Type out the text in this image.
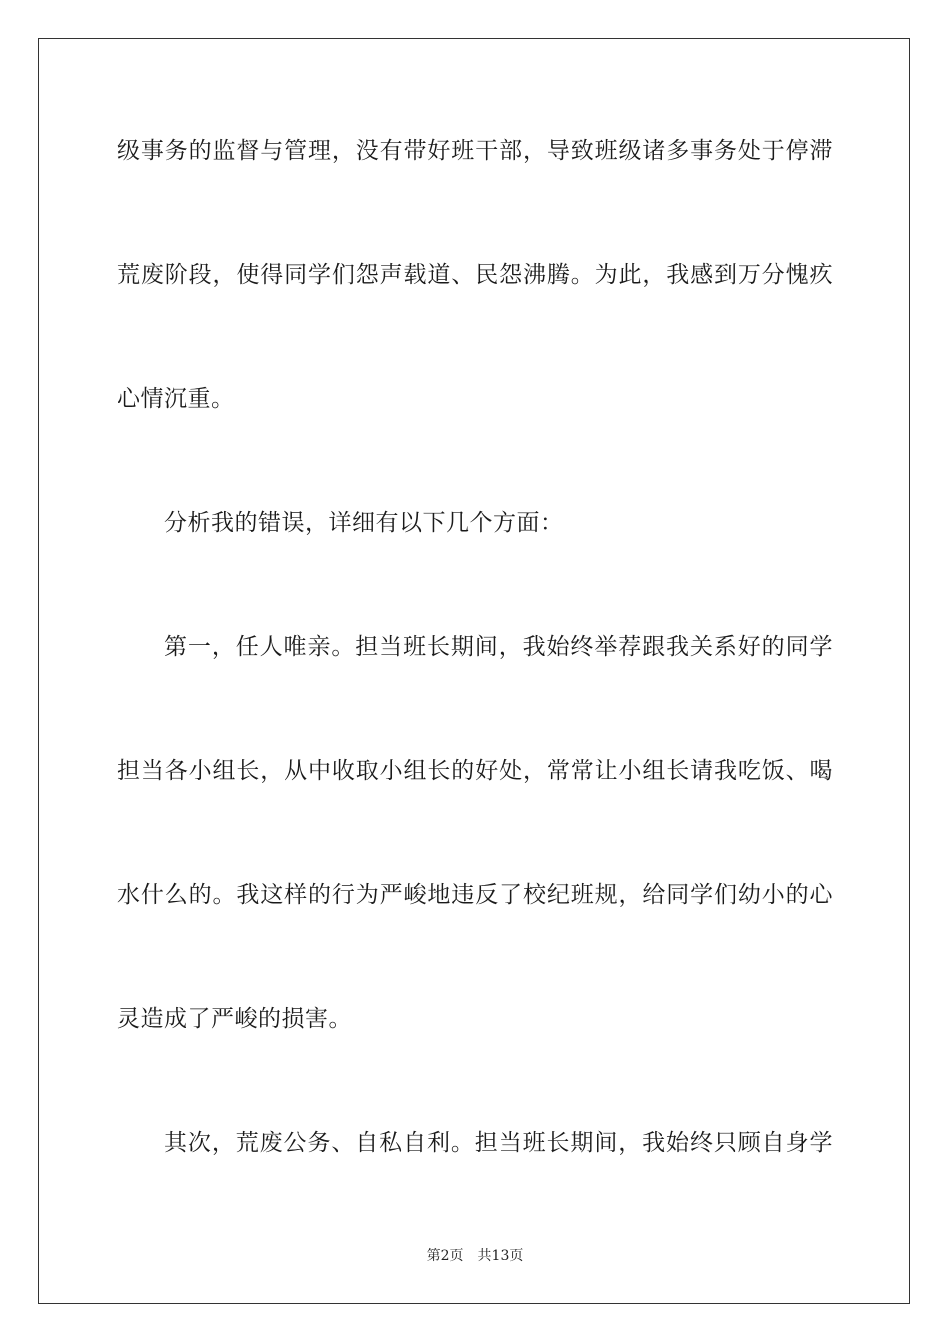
级事务的监督与管理，没有带好班干部，导致班级诸多事务处于停滞
荒废阶段，使得同学们怨声载道、民怨沸腾。为此，我感到万分愧疚
心情沉重。
分析我的错误，详细有以下几个方面：
第一，任人唯亲。担当班长期间，我始终举荐跟我关系好的同学
担当各小组长，从中收取小组长的好处，常常让小组长请我吃饭、喝
水什么的。我这样的行为严峻地违反了校纪班规，给同学们幼小的心
灵造成了严峻的损害。
其次，荒废公务、自私自利。担当班长期间，我始终只顾自身学
第2页 共13页
